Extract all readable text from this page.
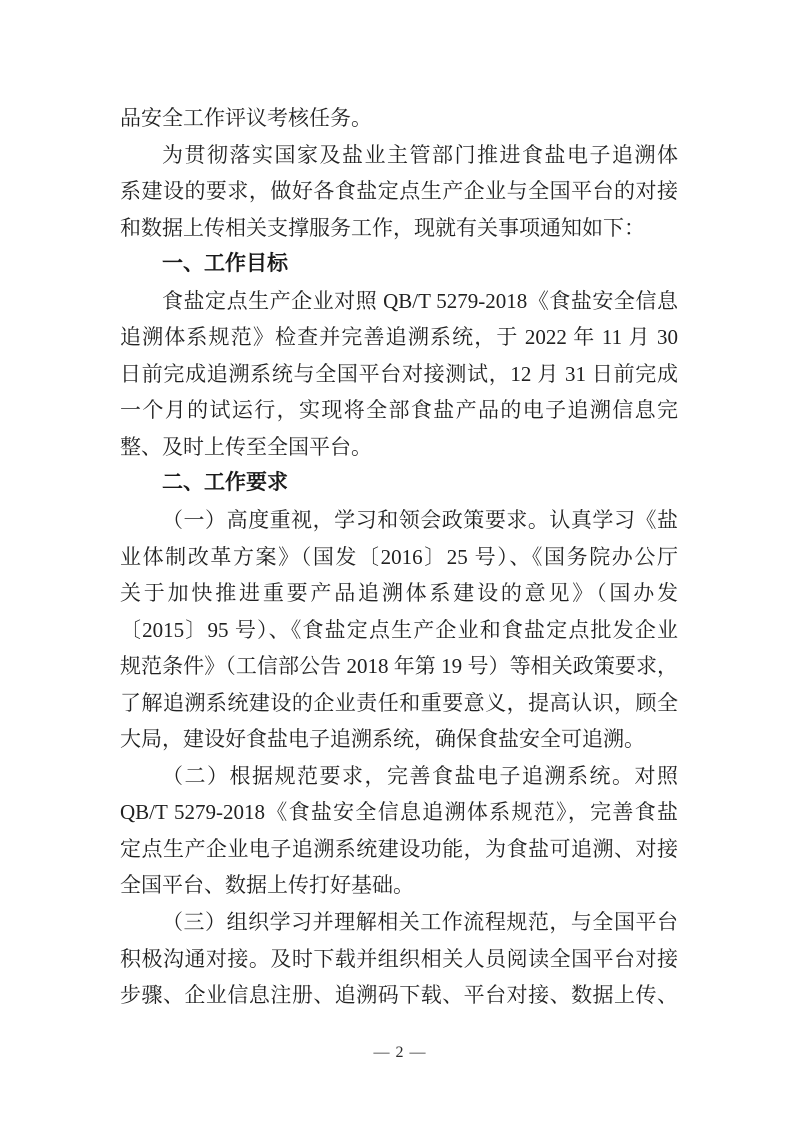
品安全工作评议考核任务。
为贯彻落实国家及盐业主管部门推进食盐电子追溯体
系建设的要求，做好各食盐定点生产企业与全国平台的对接
和数据上传相关支撑服务工作，现就有关事项通知如下：
一、工作目标
食盐定点生产企业对照 QB/T 5279-2018《食盐安全信息
追溯体系规范》检查并完善追溯系统，于 2022 年 11 月 30
日前完成追溯系统与全国平台对接测试，12 月 31 日前完成
一个月的试运行，实现将全部食盐产品的电子追溯信息完
整、及时上传至全国平台。
二、工作要求
（一）高度重视，学习和领会政策要求。认真学习《盐
业体制改革方案》（国发〔2016〕25 号）、《国务院办公厅
关于加快推进重要产品追溯体系建设的意见》（国办发
〔2015〕95 号）、《食盐定点生产企业和食盐定点批发企业
规范条件》（工信部公告 2018 年第 19 号）等相关政策要求，
了解追溯系统建设的企业责任和重要意义，提高认识，顾全
大局，建设好食盐电子追溯系统，确保食盐安全可追溯。
（二）根据规范要求，完善食盐电子追溯系统。对照
QB/T 5279-2018《食盐安全信息追溯体系规范》，完善食盐
定点生产企业电子追溯系统建设功能，为食盐可追溯、对接
全国平台、数据上传打好基础。
（三）组织学习并理解相关工作流程规范，与全国平台
积极沟通对接。及时下载并组织相关人员阅读全国平台对接
步骤、企业信息注册、追溯码下载、平台对接、数据上传、
— 2 —
